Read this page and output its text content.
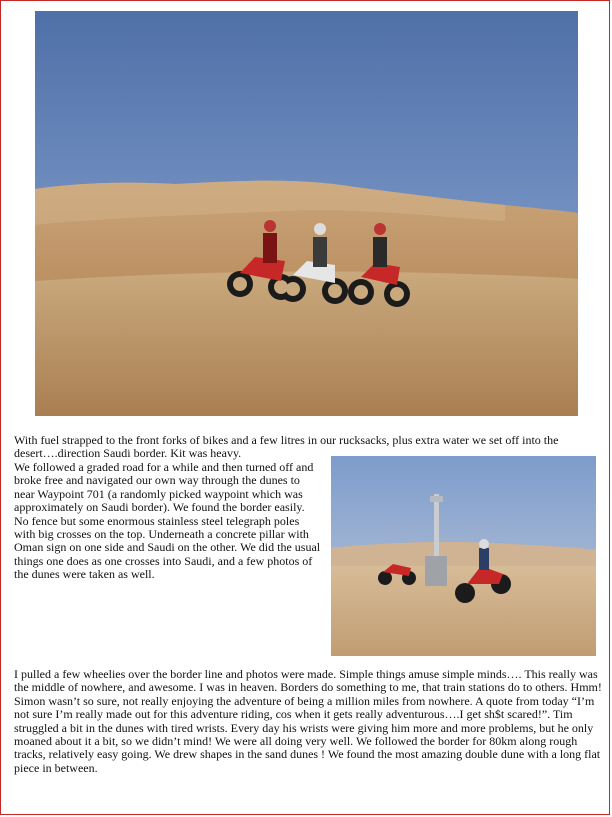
With fuel strapped to the front forks of bikes and a few litres in our rucksacks, plus extra water we set off into the desert….direction Saudi border. Kit was heavy.

We followed a graded road for a while and then turned off and broke free and navigated our own way through the dunes to near Waypoint 701 (a randomly picked waypoint which was approximately on Saudi border). We found the border easily. No fence but some enormous stainless steel telegraph poles with big crosses on the top. Underneath a concrete pillar with Oman sign on one side and Saudi on the other. We did the usual things one does as one crosses into Saudi, and a few photos of the dunes were taken as well.

I pulled a few wheelies over the border line and photos were made. Simple things amuse simple minds…. This really was the middle of nowhere, and awesome. I was in heaven. Borders do something to me, that train stations do to others. Hmm! Simon wasn’t so sure, not really enjoying the adventure of being a million miles from nowhere. A quote from today “I’m not sure I’m really made out for this adventure riding, cos when it gets really adventurous….I get sh$t scared!”. Tim struggled a bit in the dunes with tired wrists. Every day his wrists were giving him more and more problems, but he only moaned about it a bit, so we didn’t mind! We were all doing very well. We followed the border for 80km along rough tracks, relatively easy going. We drew shapes in the sand dunes ! We found the most amazing double dune with a long flat piece in between.
